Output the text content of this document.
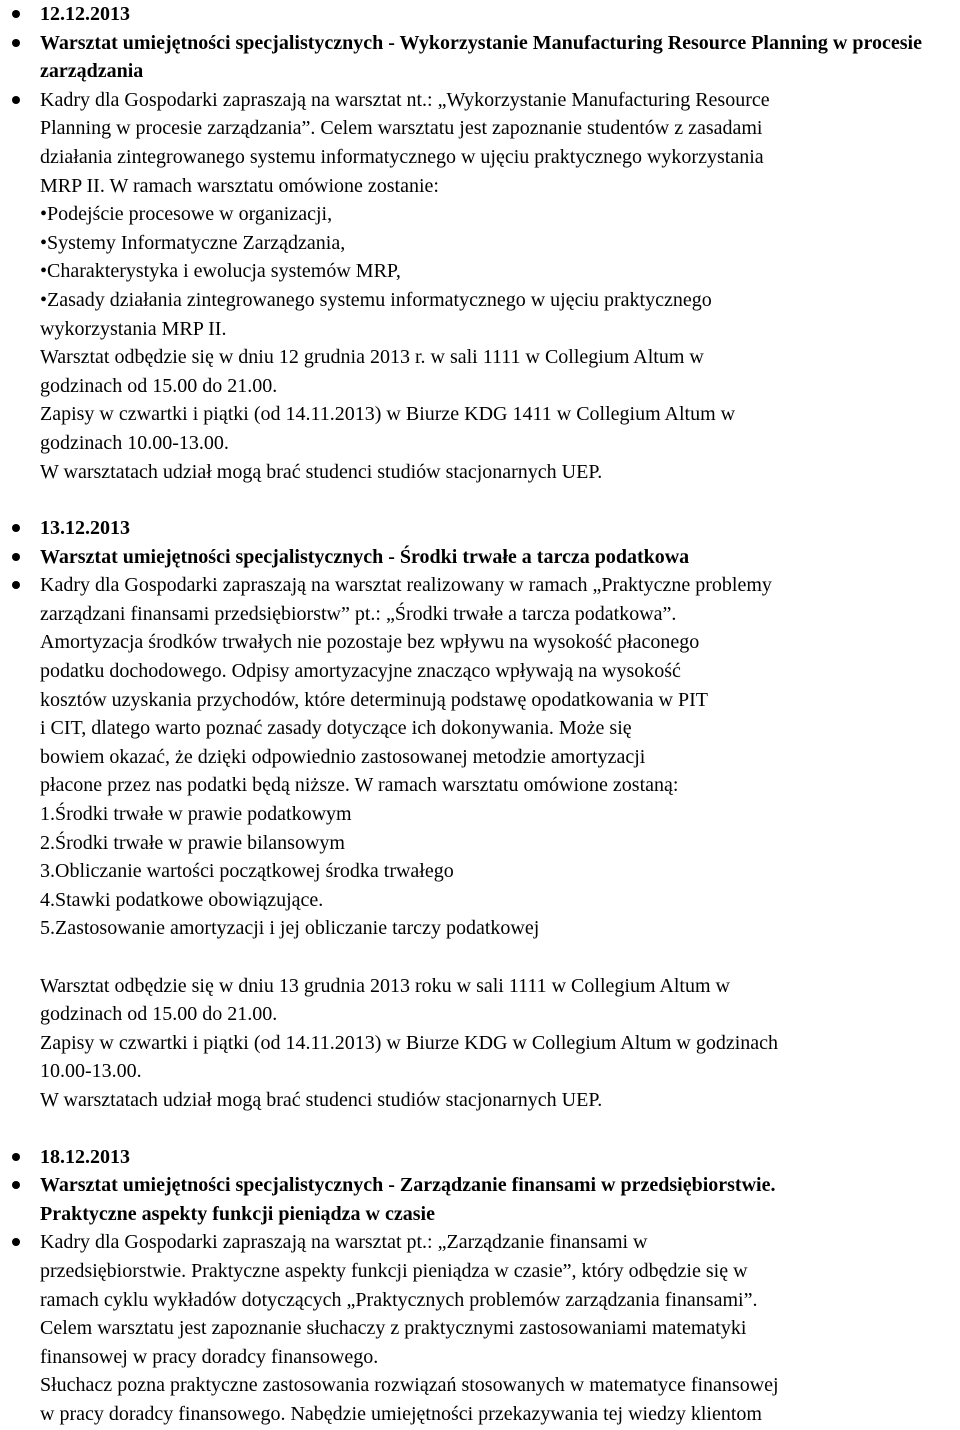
12.12.2013
Warsztat umiejętności specjalistycznych - Wykorzystanie Manufacturing Resource Planning w procesie zarządzania
Kadry dla Gospodarki zapraszają na warsztat nt.: „Wykorzystanie Manufacturing Resource
Planning w procesie zarządzania”. Celem warsztatu jest zapoznanie studentów z zasadami
działania zintegrowanego systemu informatycznego w ujęciu praktycznego wykorzystania
MRP II. W ramach warsztatu omówione zostanie:
•Podejście procesowe w organizacji,
•Systemy Informatyczne Zarządzania,
•Charakterystyka i ewolucja systemów MRP,
•Zasady działania zintegrowanego systemu informatycznego w ujęciu praktycznego
wykorzystania MRP II.
Warsztat odbędzie się w dniu 12 grudnia 2013 r. w sali 1111 w Collegium Altum w
godzinach od 15.00 do 21.00.
Zapisy w czwartki i piątki (od 14.11.2013) w Biurze KDG 1411 w Collegium Altum w
godzinach 10.00-13.00.
W warsztatach udział mogą brać studenci studiów stacjonarnych UEP.
13.12.2013
Warsztat umiejętności specjalistycznych - Środki trwałe a tarcza podatkowa
Kadry dla Gospodarki zapraszają na warsztat realizowany w ramach „Praktyczne problemy
zarządzani finansami przedsiębiorstw” pt.: „Środki trwałe a tarcza podatkowa”.
Amortyzacja środków trwałych nie pozostaje bez wpływu na wysokość płaconego
podatku dochodowego. Odpisy amortyzacyjne znacząco wpływają na wysokość
kosztów uzyskania przychodów, które determinują podstawę opodatkowania w PIT
i CIT, dlatego warto poznać zasady dotyczące ich dokonywania. Może się
bowiem okazać, że dzięki odpowiednio zastosowanej metodzie amortyzacji
płacone przez nas podatki będą niższe. W ramach warsztatu omówione zostaną:
1.Środki trwałe w prawie podatkowym
2.Środki trwałe w prawie bilansowym
3.Obliczanie wartości początkowej środka trwałego
4.Stawki podatkowe obowiązujące.
5.Zastosowanie amortyzacji i jej obliczanie tarczy podatkowej
Warsztat odbędzie się w dniu 13 grudnia 2013 roku w sali 1111 w Collegium Altum w
godzinach od 15.00 do 21.00.
Zapisy w czwartki i piątki (od 14.11.2013) w Biurze KDG w Collegium Altum w godzinach
10.00-13.00.
W warsztatach udział mogą brać studenci studiów stacjonarnych UEP.
18.12.2013
Warsztat umiejętności specjalistycznych - Zarządzanie finansami w przedsiębiorstwie.
Praktyczne aspekty funkcji pieniądza w czasie
Kadry dla Gospodarki zapraszają na warsztat pt.: „Zarządzanie finansami w
przedsiębiorstwie. Praktyczne aspekty funkcji pieniądza w czasie”, który odbędzie się w
ramach cyklu wykładów dotyczących „Praktycznych problemów zarządzania finansami”.
Celem warsztatu jest zapoznanie słuchaczy z praktycznymi zastosowaniami matematyki
finansowej w pracy doradcy finansowego.
Słuchacz pozna praktyczne zastosowania rozwiązań stosowanych w matematyce finansowej
w pracy doradcy finansowego. Nabędzie umiejętności przekazywania tej wiedzy klientom
